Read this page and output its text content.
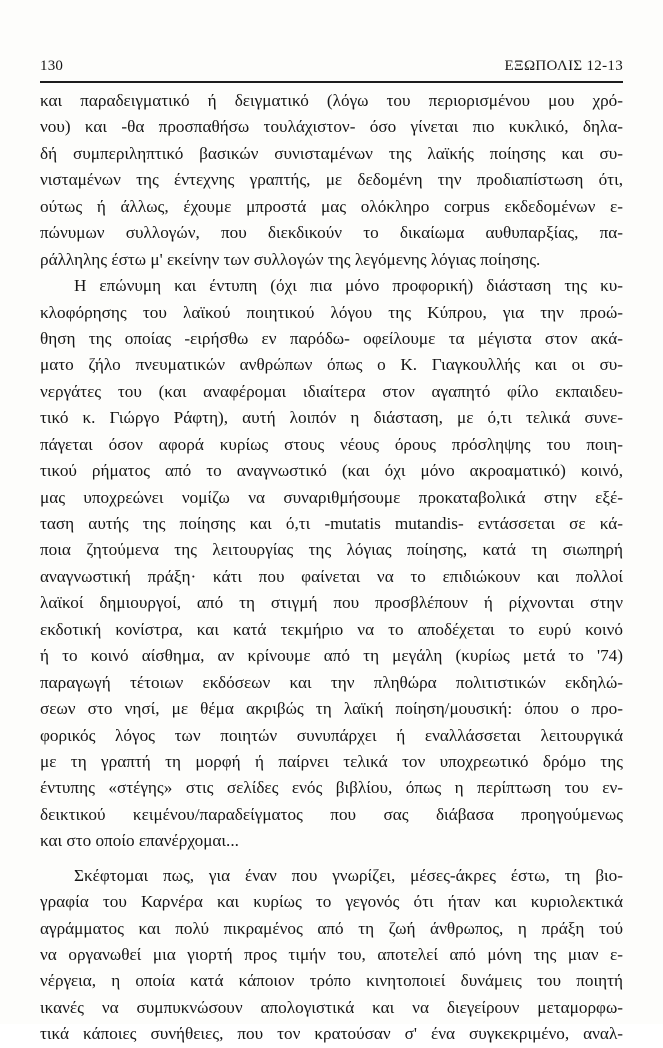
130	ΕΞΩΠΟΛΙΣ 12-13
και παραδειγματικό ή δειγματικό (λόγω του περιορισμένου μου χρό-
νου) και -θα προσπαθήσω τουλάχιστον- όσο γίνεται πιο κυκλικό, δηλα-
δή συμπεριληπτικό βασικών συνισταμένων της λαϊκής ποίησης και συ-
νισταμένων της έντεχνης γραπτής, με δεδομένη την προδιαπίστωση ότι,
ούτως ή άλλως, έχουμε μπροστά μας ολόκληρο corpus εκδεδομένων ε-
πώνυμων συλλογών, που διεκδικούν το δικαίωμα αυθυπαρξίας, πα-
ράλληλης έστω μ' εκείνην των συλλογών της λεγόμενης λόγιας ποίησης.
Η επώνυμη και έντυπη (όχι πια μόνο προφορική) διάσταση της κυ-
κλοφόρησης του λαϊκού ποιητικού λόγου της Κύπρου, για την προώ-
θηση της οποίας -ειρήσθω εν παρόδω- οφείλουμε τα μέγιστα στον ακά-
ματο ζήλο πνευματικών ανθρώπων όπως ο Κ. Γιαγκουλλής και οι συ-
νεργάτες του (και αναφέρομαι ιδιαίτερα στον αγαπητό φίλο εκπαιδευ-
τικό κ. Γιώργο Ράφτη), αυτή λοιπόν η διάσταση, με ό,τι τελικά συνε-
πάγεται όσον αφορά κυρίως στους νέους όρους πρόσληψης του ποιη-
τικού ρήματος από το αναγνωστικό (και όχι μόνο ακροαματικό) κοινό,
μας υποχρεώνει νομίζω να συναριθμήσουμε προκαταβολικά στην εξέ-
ταση αυτής της ποίησης και ό,τι -mutatis mutandis- εντάσσεται σε κά-
ποια ζητούμενα της λειτουργίας της λόγιας ποίησης, κατά τη σιωπηρή
αναγνωστική πράξη· κάτι που φαίνεται να το επιδιώκουν και πολλοί
λαϊκοί δημιουργοί, από τη στιγμή που προσβλέπουν ή ρίχνονται στην
εκδοτική κονίστρα, και κατά τεκμήριο να το αποδέχεται το ευρύ κοινό
ή το κοινό αίσθημα, αν κρίνουμε από τη μεγάλη (κυρίως μετά το '74)
παραγωγή τέτοιων εκδόσεων και την πληθώρα πολιτιστικών εκδηλώ-
σεων στο νησί, με θέμα ακριβώς τη λαϊκή ποίηση/μουσική: όπου ο προ-
φορικός λόγος των ποιητών συνυπάρχει ή εναλλάσσεται λειτουργικά
με τη γραπτή τη μορφή ή παίρνει τελικά τον υποχρεωτικό δρόμο της
έντυπης «στέγης» στις σελίδες ενός βιβλίου, όπως η περίπτωση του εν-
δεικτικού κειμένου/παραδείγματος που σας διάβασα προηγούμενως
και στο οποίο επανέρχομαι...
Σκέφτομαι πως, για έναν που γνωρίζει, μέσες-άκρες έστω, τη βιο-
γραφία του Καρνέρα και κυρίως το γεγονός ότι ήταν και κυριολεκτικά
αγράμματος και πολύ πικραμένος από τη ζωή άνθρωπος, η πράξη τού
να οργανωθεί μια γιορτή προς τιμήν του, αποτελεί από μόνη της μιαν ε-
νέργεια, η οποία κατά κάποιον τρόπο κινητοποιεί δυνάμεις του ποιητή
ικανές να συμπυκνώσουν απολογιστικά και να διεγείρουν μεταμορφω-
τικά κάποιες συνήθειες, που τον κρατούσαν σ' ένα συγκεκριμένο, αναλ-
